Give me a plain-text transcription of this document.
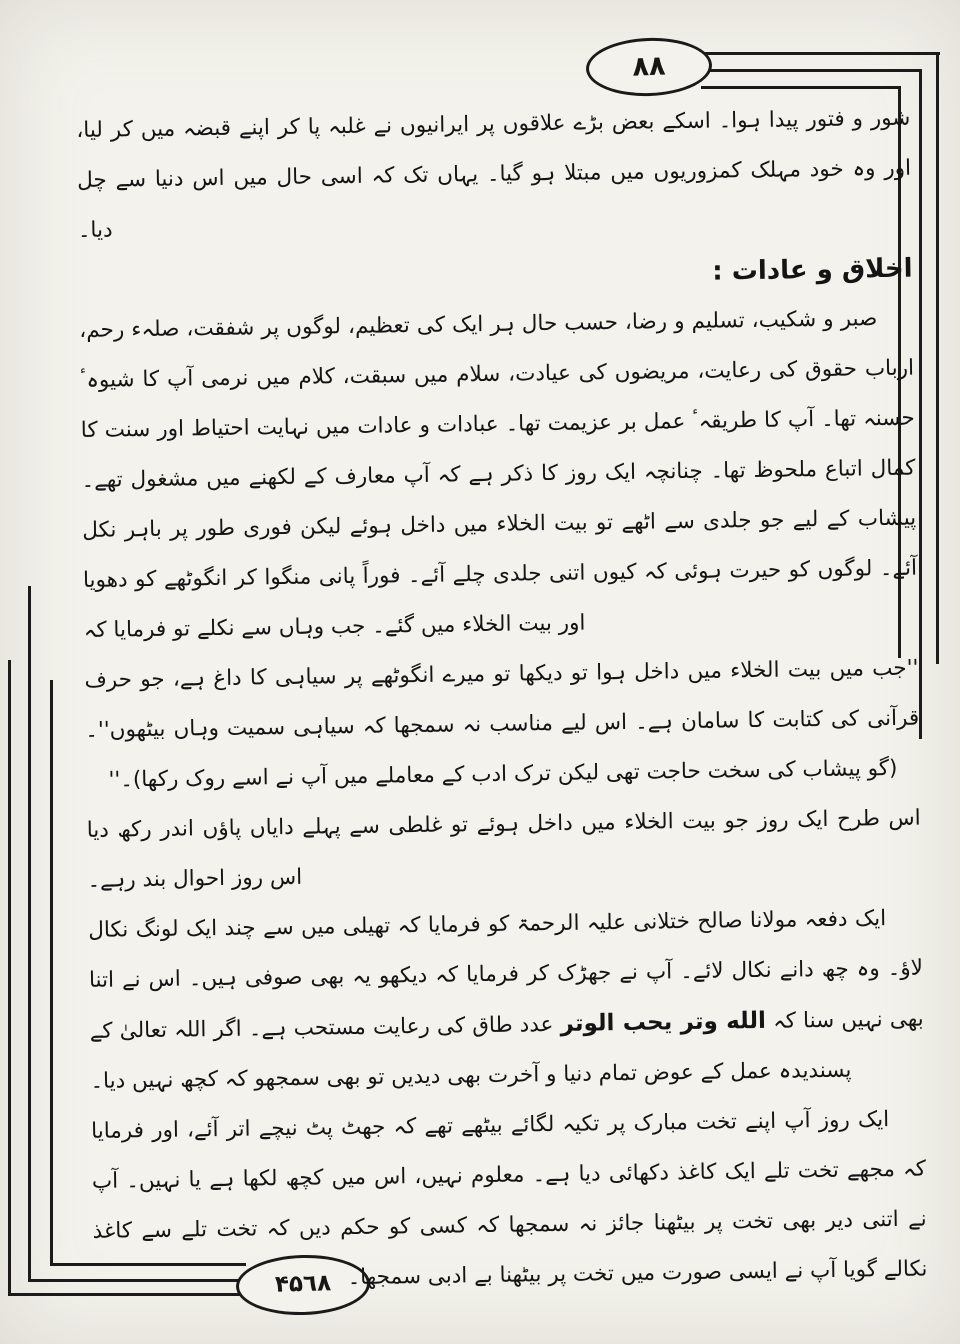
٨٨
۴۵٦٨

شور و فتور پیدا ہوا۔ اسکے بعض بڑے علاقوں پر ایرانیوں نے غلبہ پا کر اپنے قبضہ میں کر لیا، اور وہ خود مہلک کمزوریوں میں مبتلا ہو گیا۔ یہاں تک کہ اسی حال میں اس دنیا سے چل دیا۔

اخلاق و عادات :

صبر و شکیب، تسلیم و رضا، حسب حال ہر ایک کی تعظیم، لوگوں پر شفقت، صلہء رحم، ارباب حقوق کی رعایت، مریضوں کی عیادت، سلام میں سبقت، کلام میں نرمی آپ کا شیوہٴ حسنہ تھا۔ آپ کا طریقہٴ عمل بر عزیمت تھا۔ عبادات و عادات میں نہایت احتیاط اور سنت کا کمال اتباع ملحوظ تھا۔ چنانچہ ایک روز کا ذکر ہے کہ آپ معارف کے لکھنے میں مشغول تھے۔ پیشاب کے لیے جو جلدی سے اٹھے تو بیت الخلاء میں داخل ہوئے لیکن فوری طور پر باہر نکل آئے۔ لوگوں کو حیرت ہوئی کہ کیوں اتنی جلدی چلے آئے۔ فوراً پانی منگوا کر انگوٹھے کو دھویا اور بیت الخلاء میں گئے۔ جب وہاں سے نکلے تو فرمایا کہ

''جب میں بیت الخلاء میں داخل ہوا تو دیکھا تو میرے انگوٹھے پر سیاہی کا داغ ہے، جو حرف قرآنی کی کتابت کا سامان ہے۔ اس لیے مناسب نہ سمجھا کہ سیاہی سمیت وہاں بیٹھوں''۔ (گو پیشاب کی سخت حاجت تھی لیکن ترک ادب کے معاملے میں آپ نے اسے روک رکھا)۔''

اس طرح ایک روز جو بیت الخلاء میں داخل ہوئے تو غلطی سے پہلے دایاں پاؤں اندر رکھ دیا اس روز احوال بند رہے۔

ایک دفعہ مولانا صالح ختلانی علیہ الرحمۃ کو فرمایا کہ تھیلی میں سے چند ایک لونگ نکال لاؤ۔ وہ چھ دانے نکال لائے۔ آپ نے جھڑک کر فرمایا کہ دیکھو یہ بھی صوفی ہیں۔ اس نے اتنا بھی نہیں سنا کہ الله وتر یحب الوتر عدد طاق کی رعایت مستحب ہے۔ اگر اللہ تعالیٰ کے پسندیدہ عمل کے عوض تمام دنیا و آخرت بھی دیدیں تو بھی سمجھو کہ کچھ نہیں دیا۔

ایک روز آپ اپنے تخت مبارک پر تکیہ لگائے بیٹھے تھے کہ جھٹ پٹ نیچے اتر آئے، اور فرمایا کہ مجھے تخت تلے ایک کاغذ دکھائی دیا ہے۔ معلوم نہیں، اس میں کچھ لکھا ہے یا نہیں۔ آپ نے اتنی دیر بھی تخت پر بیٹھنا جائز نہ سمجھا کہ کسی کو حکم دیں کہ تخت تلے سے کاغذ نکالے گویا آپ نے ایسی صورت میں تخت پر بیٹھنا بے ادبی سمجھا۔
